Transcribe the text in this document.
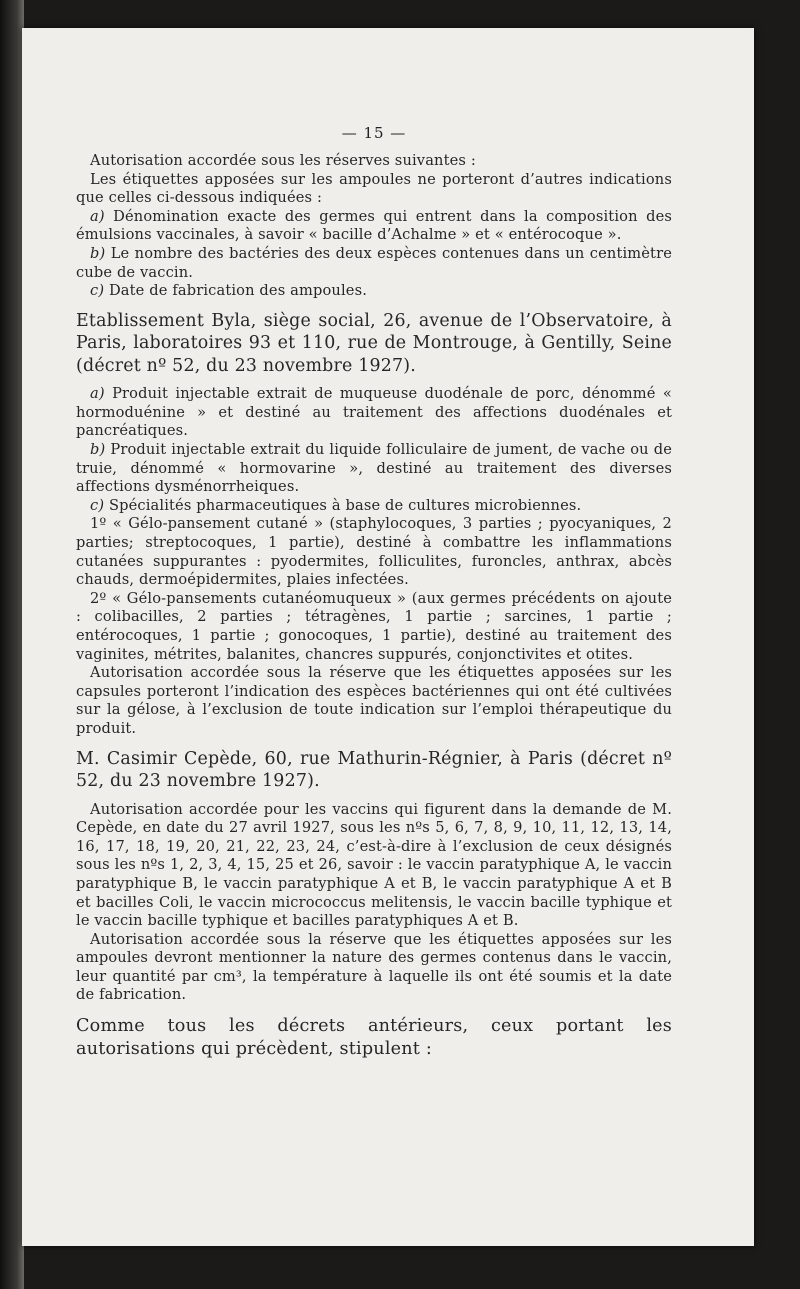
— 15 —

Autorisation accordée sous les réserves suivantes :

Les étiquettes apposées sur les ampoules ne porteront d’autres indications que celles ci-dessous indiquées :

a) Dénomination exacte des germes qui entrent dans la composition des émulsions vaccinales, à savoir « bacille d’Achalme » et « entérocoque ».

b) Le nombre des bactéries des deux espèces contenues dans un centimètre cube de vaccin.

c) Date de fabrication des ampoules.

Etablissement Byla, siège social, 26, avenue de l’Observatoire, à Paris, laboratoires 93 et 110, rue de Montrouge, à Gentilly, Seine (décret nº 52, du 23 novembre 1927).

a) Produit injectable extrait de muqueuse duodénale de porc, dénommé « hormoduénine » et destiné au traitement des affections duodénales et pancréatiques.

b) Produit injectable extrait du liquide folliculaire de jument, de vache ou de truie, dénommé « hormovarine », destiné au traitement des diverses affections dysménorrheiques.

c) Spécialités pharmaceutiques à base de cultures microbiennes.

1º « Gélo-pansement cutané » (staphylocoques, 3 parties ; pyocyaniques, 2 parties; streptocoques, 1 partie), destiné à combattre les inflammations cutanées suppurantes : pyodermites, folliculites, furoncles, anthrax, abcès chauds, dermoépidermites, plaies infectées.

2º « Gélo-pansements cutanéomuqueux » (aux germes précédents on ajoute : colibacilles, 2 parties ; tétragènes, 1 partie ; sarcines, 1 partie ; entérocoques, 1 partie ; gonocoques, 1 partie), destiné au traitement des vaginites, métrites, balanites, chancres suppurés, conjonctivites et otites.

Autorisation accordée sous la réserve que les étiquettes apposées sur les capsules porteront l’indication des espèces bactériennes qui ont été cultivées sur la gélose, à l’exclusion de toute indication sur l’emploi thérapeutique du produit.

M. Casimir Cepède, 60, rue Mathurin-Régnier, à Paris (décret nº 52, du 23 novembre 1927).

Autorisation accordée pour les vaccins qui figurent dans la demande de M. Cepède, en date du 27 avril 1927, sous les nºs 5, 6, 7, 8, 9, 10, 11, 12, 13, 14, 16, 17, 18, 19, 20, 21, 22, 23, 24, c’est-à-dire à l’exclusion de ceux désignés sous les nºs 1, 2, 3, 4, 15, 25 et 26, savoir : le vaccin paratyphique A, le vaccin paratyphique B, le vaccin paratyphique A et B, le vaccin paratyphique A et B et bacilles Coli, le vaccin micrococcus melitensis, le vaccin bacille typhique et le vaccin bacille typhique et bacilles paratyphiques A et B.

Autorisation accordée sous la réserve que les étiquettes apposées sur les ampoules devront mentionner la nature des germes contenus dans le vaccin, leur quantité par cm³, la température à laquelle ils ont été soumis et la date de fabrication.

Comme tous les décrets antérieurs, ceux portant les autorisations qui précèdent, stipulent :
